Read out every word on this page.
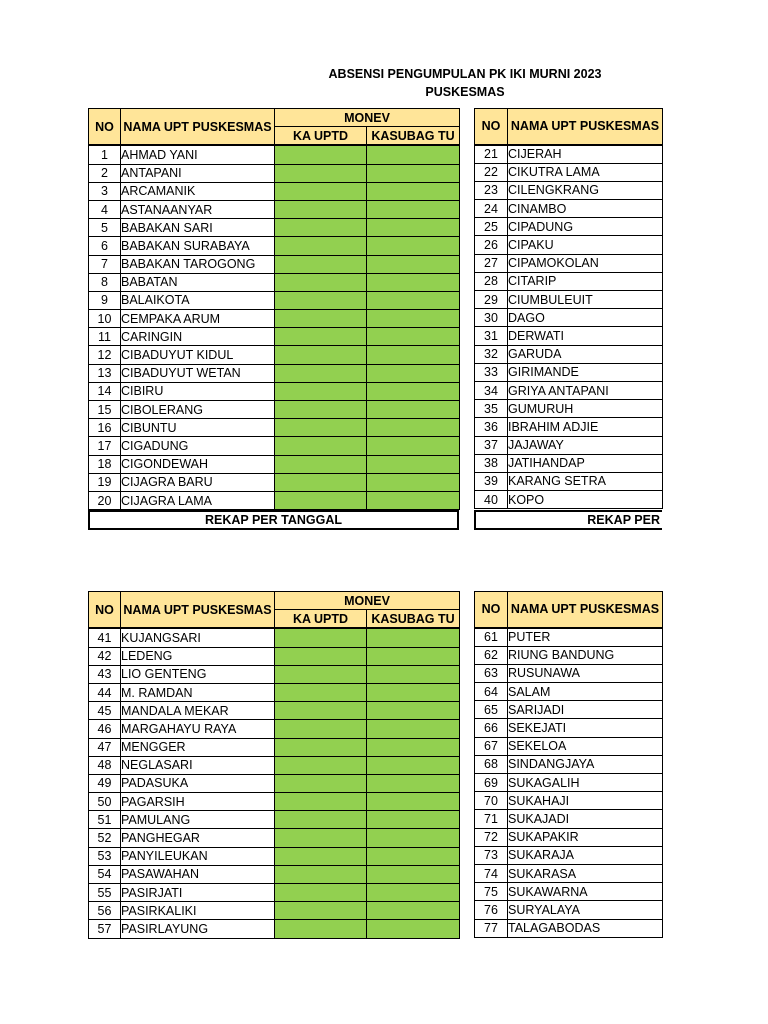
ABSENSI PENGUMPULAN PK IKI MURNI 2023
PUSKESMAS
NO	NAMA UPT PUSKESMAS	MONEV	
		KA UPTD	KASUBAG TU
1	AHMAD YANI		
2	ANTAPANI		
3	ARCAMANIK		
4	ASTANAANYAR		
5	BABAKAN SARI		
6	BABAKAN SURABAYA		
7	BABAKAN TAROGONG		
8	BABATAN		
9	BALAIKOTA		
10	CEMPAKA ARUM		
11	CARINGIN		
12	CIBADUYUT KIDUL		
13	CIBADUYUT WETAN		
14	CIBIRU		
15	CIBOLERANG		
16	CIBUNTU		
17	CIGADUNG		
18	CIGONDEWAH		
19	CIJAGRA BARU		
20	CIJAGRA LAMA		
REKAP PER TANGGAL
NO	NAMA UPT PUSKESMAS
21	CIJERAH
22	CIKUTRA LAMA
23	CILENGKRANG
24	CINAMBO
25	CIPADUNG
26	CIPAKU
27	CIPAMOKOLAN
28	CITARIP
29	CIUMBULEUIT
30	DAGO
31	DERWATI
32	GARUDA
33	GIRIMANDE
34	GRIYA ANTAPANI
35	GUMURUH
36	IBRAHIM ADJIE
37	JAJAWAY
38	JATIHANDAP
39	KARANG SETRA
40	KOPO
REKAP PER
NO	NAMA UPT PUSKESMAS	MONEV	
		KA UPTD	KASUBAG TU
41	KUJANGSARI		
42	LEDENG		
43	LIO GENTENG		
44	M. RAMDAN		
45	MANDALA MEKAR		
46	MARGAHAYU RAYA		
47	MENGGER		
48	NEGLASARI		
49	PADASUKA		
50	PAGARSIH		
51	PAMULANG		
52	PANGHEGAR		
53	PANYILEUKAN		
54	PASAWAHAN		
55	PASIRJATI		
56	PASIRKALIKI		
57	PASIRLAYUNG		
NO	NAMA UPT PUSKESMAS
61	PUTER
62	RIUNG BANDUNG
63	RUSUNAWA
64	SALAM
65	SARIJADI
66	SEKEJATI
67	SEKELOA
68	SINDANGJAYA
69	SUKAGALIH
70	SUKAHAJI
71	SUKAJADI
72	SUKAPAKIR
73	SUKARAJA
74	SUKARASA
75	SUKAWARNA
76	SURYALAYA
77	TALAGABODAS
